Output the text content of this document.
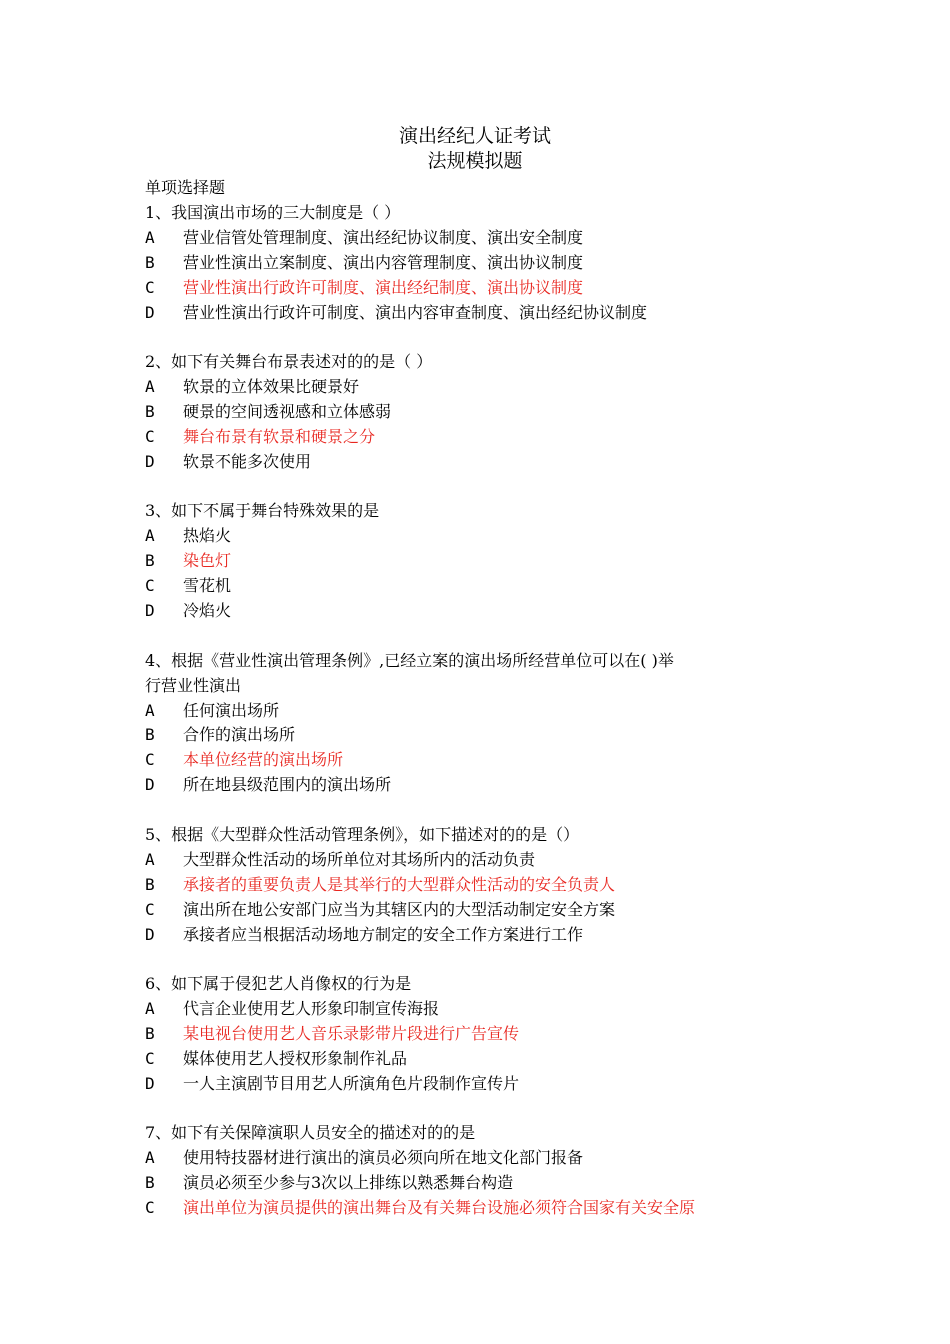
演出经纪人证考试
法规模拟题
单项选择题
1、我国演出市场的三大制度是（ ）
A 营业信管处管理制度、演出经纪协议制度、演出安全制度
B 营业性演出立案制度、演出内容管理制度、演出协议制度
C 营业性演出行政许可制度、演出经纪制度、演出协议制度
D 营业性演出行政许可制度、演出内容审查制度、演出经纪协议制度
2、如下有关舞台布景表述对的的是（ ）
A 软景的立体效果比硬景好
B 硬景的空间透视感和立体感弱
C 舞台布景有软景和硬景之分
D 软景不能多次使用
3、如下不属于舞台特殊效果的是
A 热焰火
B 染色灯
C 雪花机
D 冷焰火
4、根据《营业性演出管理条例》,已经立案的演出场所经营单位可以在( )举
行营业性演出
A 任何演出场所
B 合作的演出场所
C 本单位经营的演出场所
D 所在地县级范围内的演出场所
5、根据《大型群众性活动管理条例》，如下描述对的的是（）
A 大型群众性活动的场所单位对其场所内的活动负责
B 承接者的重要负责人是其举行的大型群众性活动的安全负责人
C 演出所在地公安部门应当为其辖区内的大型活动制定安全方案
D 承接者应当根据活动场地方制定的安全工作方案进行工作
6、如下属于侵犯艺人肖像权的行为是
A 代言企业使用艺人形象印制宣传海报
B 某电视台使用艺人音乐录影带片段进行广告宣传
C 媒体使用艺人授权形象制作礼品
D 一人主演剧节目用艺人所演角色片段制作宣传片
7、如下有关保障演职人员安全的描述对的的是
A 使用特技器材进行演出的演员必须向所在地文化部门报备
B 演员必须至少参与3次以上排练以熟悉舞台构造
C 演出单位为演员提供的演出舞台及有关舞台设施必须符合国家有关安全原
